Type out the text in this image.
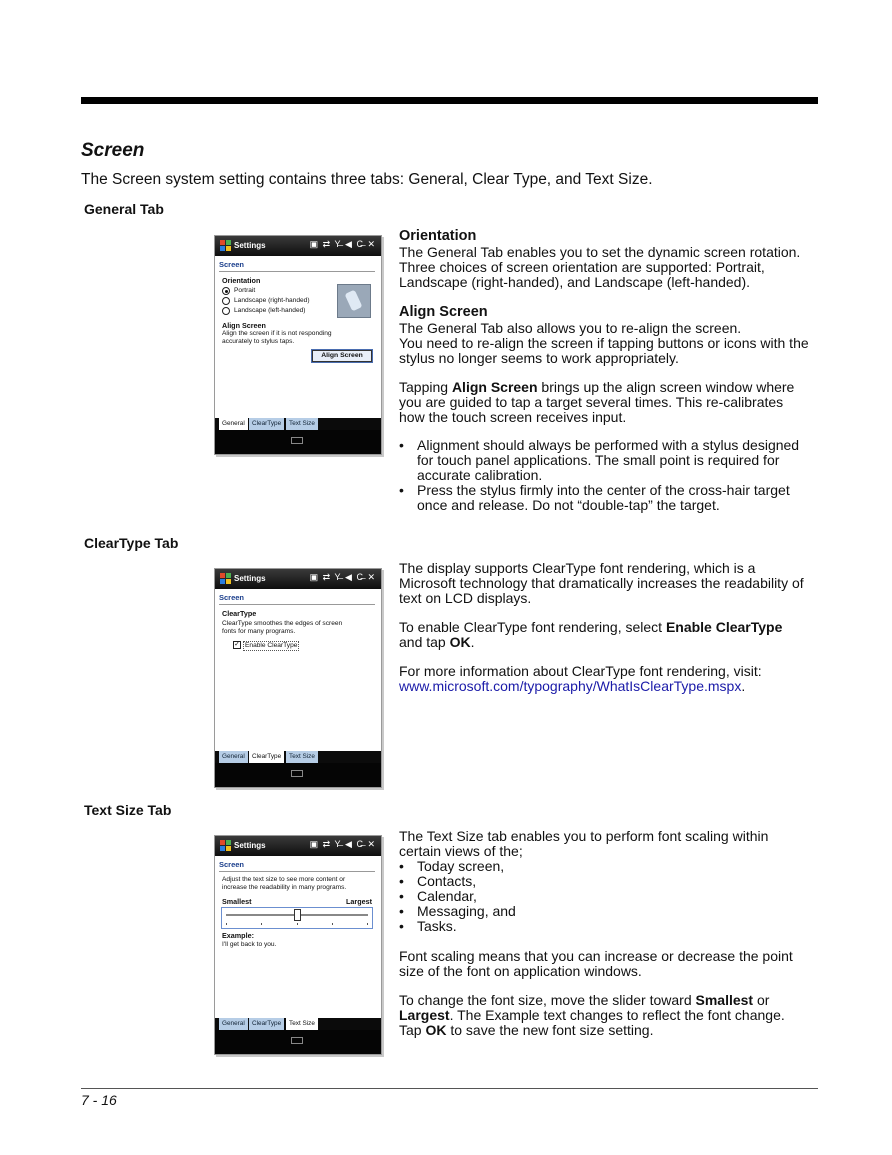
Screen
The Screen system setting contains three tabs: General, Clear Type, and Text Size.
General Tab
Settings	▣ ⇄ Y̶ ◀ C̶ ✕
Screen
Orientation
Portrait
Landscape (right-handed)
Landscape (left-handed)
Align Screen
Align the screen if it is not responding accurately to stylus taps.
Align Screen
General	ClearType	Text Size

Orientation

The General Tab enables you to set the dynamic screen rotation. Three choices of screen orientation are supported: Portrait, Landscape (right-handed), and Landscape (left-handed).

Align Screen

The General Tab also allows you to re-align the screen.

You need to re-align the screen if tapping buttons or icons with the stylus no longer seems to work appropriately.

Tapping Align Screen brings up the align screen window where you are guided to tap a target several times. This re-calibrates how the touch screen receives input.

• Alignment should always be performed with a stylus designed for touch panel applications. The small point is required for accurate calibration.
• Press the stylus firmly into the center of the cross-hair target once and release. Do not “double-tap” the target.
ClearType Tab
Settings	▣ ⇄ Y̶ ◀ C̶ ✕
Screen
ClearType
ClearType smoothes the edges of screen fonts for many programs.
✓ Enable ClearType
General	ClearType	Text Size

The display supports ClearType font rendering, which is a Microsoft technology that dramatically increases the readability of text on LCD displays.

To enable ClearType font rendering, select Enable ClearType and tap OK.

For more information about ClearType font rendering, visit:

www.microsoft.com/typography/WhatIsClearType.mspx.

Text Size Tab
Settings	▣ ⇄ Y̶ ◀ C̶ ✕
Screen
Adjust the text size to see more content or increase the readability in many programs.
Smallest	Largest
Example:
I'll get back to you.
General	ClearType	Text Size

The Text Size tab enables you to perform font scaling within certain views of the;

• Today screen,
• Contacts,
• Calendar,
• Messaging, and
• Tasks.

Font scaling means that you can increase or decrease the point size of the font on application windows.

To change the font size, move the slider toward Smallest or Largest. The Example text changes to reflect the font change. Tap OK to save the new font size setting.

7 - 16
